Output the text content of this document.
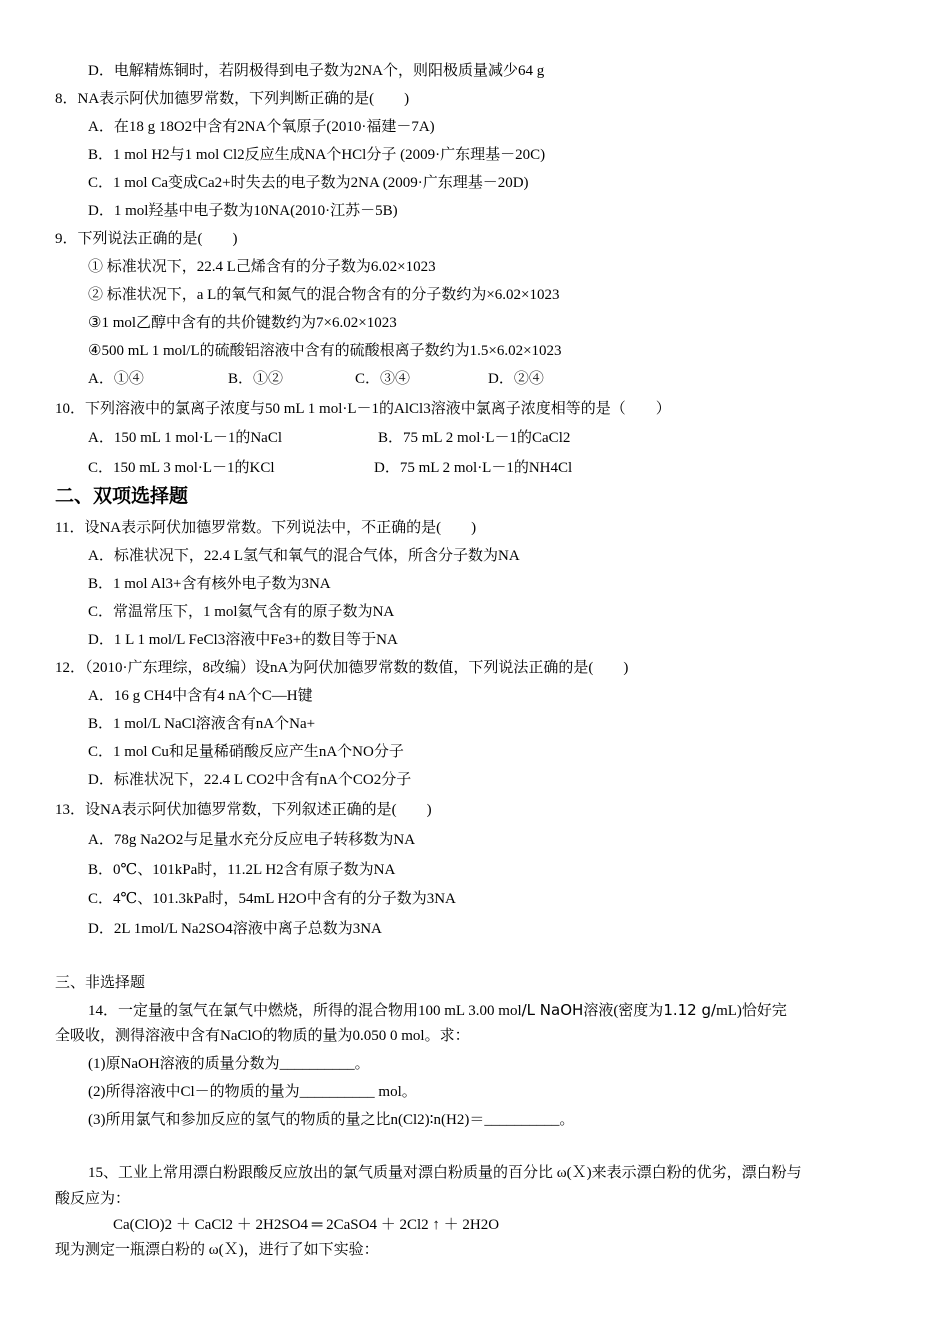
D．电解精炼铜时，若阴极得到电子数为2NA个，则阳极质量减少64 g
8．NA表示阿伏加德罗常数，下列判断正确的是(　　)
A．在18 g 18O2中含有2NA个氧原子(2010·福建－7A)
B．1 mol H2与1 mol Cl2反应生成NA个HCl分子 (2009·广东理基－20C)
C．1 mol Ca变成Ca2+时失去的电子数为2NA (2009·广东理基－20D)
D．1 mol羟基中电子数为10NA(2010·江苏－5B)
9．下列说法正确的是(　　)
① 标准状况下，22.4 L己烯含有的分子数为6.02×1023
② 标准状况下，a L的氧气和氮气的混合物含有的分子数约为×6.02×1023
③1 mol乙醇中含有的共价键数约为7×6.02×1023
④500 mL 1 mol/L的硫酸铝溶液中含有的硫酸根离子数约为1.5×6.02×1023
A．①④	B．①②	C．③④	D．②④
10．下列溶液中的氯离子浓度与50 mL 1 mol·L－1的AlCl3溶液中氯离子浓度相等的是（　　）
A．150 mL 1 mol·L－1的NaCl	B．75 mL 2 mol·L－1的CaCl2
C．150 mL 3 mol·L－1的KCl	D．75 mL 2 mol·L－1的NH4Cl
二、双项选择题
11．设NA表示阿伏加德罗常数。下列说法中，不正确的是(　　)
A．标准状况下，22.4 L氢气和氧气的混合气体，所含分子数为NA
B．1 mol Al3+含有核外电子数为3NA
C．常温常压下，1 mol氦气含有的原子数为NA
D．1 L 1 mol/L FeCl3溶液中Fe3+的数目等于NA
12．（2010·广东理综，8改编）设nA为阿伏加德罗常数的数值，下列说法正确的是(　　)
A．16 g CH4中含有4 nA个C—H键
B．1 mol/L NaCl溶液含有nA个Na+
C．1 mol Cu和足量稀硝酸反应产生nA个NO分子
D．标准状况下，22.4 L CO2中含有nA个CO2分子
13．设NA表示阿伏加德罗常数，下列叙述正确的是(　　)
A．78g Na2O2与足量水充分反应电子转移数为NA
B．0℃、101kPa时，11.2L H2含有原子数为NA
C．4℃、101.3kPa时，54mL H2O中含有的分子数为3NA
D．2L 1mol/L Na2SO4溶液中离子总数为3NA
三、非选择题
14．一定量的氢气在氯气中燃烧，所得的混合物用100 mL 3.00 mol/L NaOH溶液(密度为1.12 g/mL)恰好完
全吸收，测得溶液中含有NaClO的物质的量为0.050 0 mol。求：
(1)原NaOH溶液的质量分数为__________。
(2)所得溶液中Cl－的物质的量为__________ mol。
(3)所用氯气和参加反应的氢气的物质的量之比n(Cl2)∶n(H2)＝__________。
15、工业上常用漂白粉跟酸反应放出的氯气质量对漂白粉质量的百分比 ω(Ｘ)来表示漂白粉的优劣，漂白粉与
酸反应为：
Ca(ClO)2 ＋ CaCl2 ＋ 2H2SO4 ═ 2CaSO4 ＋ 2Cl2 ↑ ＋ 2H2O
现为测定一瓶漂白粉的 ω(Ｘ)，进行了如下实验：
